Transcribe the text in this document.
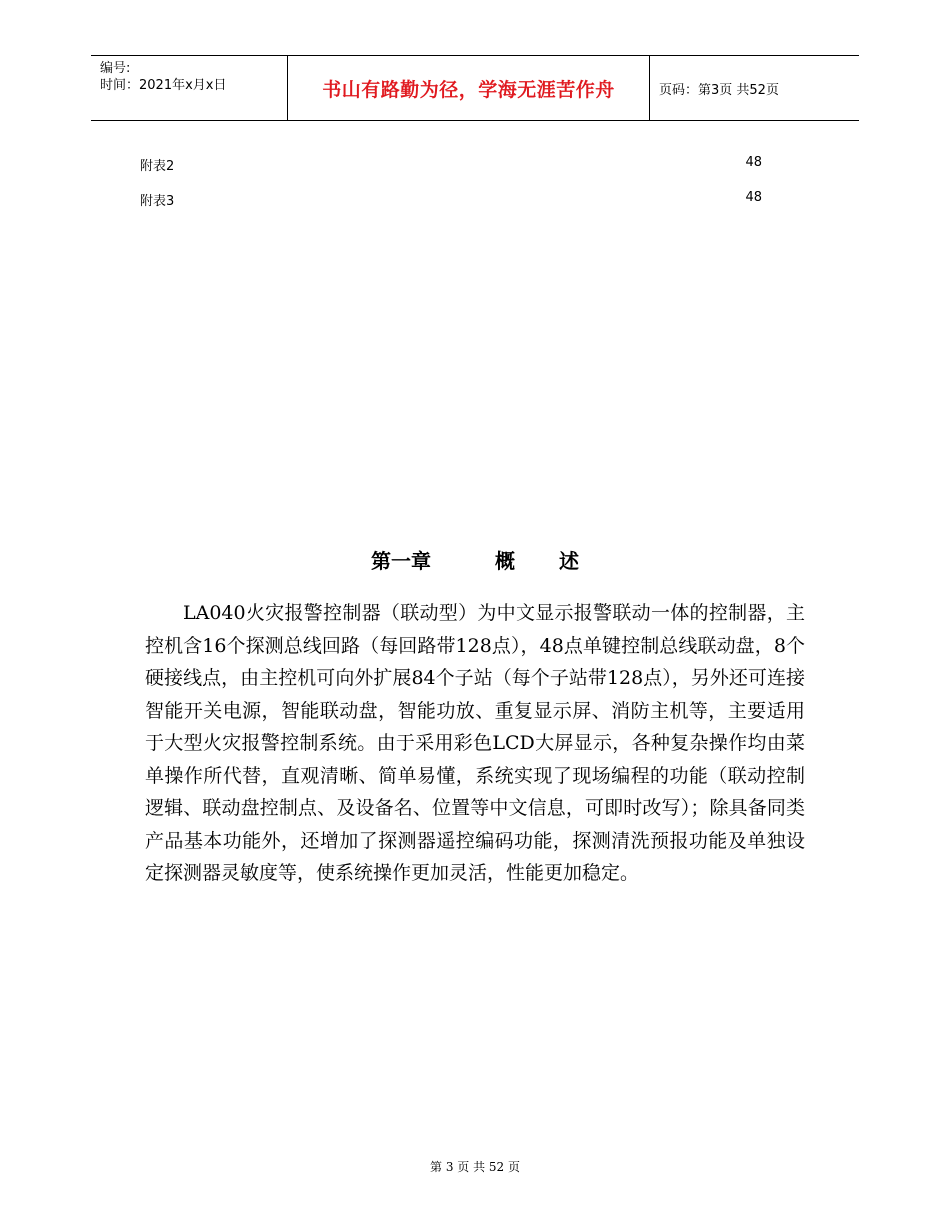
编号:
时间：2021年x月x日	书山有路勤为径，学海无涯苦作舟	页码：第3页 共52页
附表2	48
附表3	48
第一章	概 述

LA040火灾报警控制器（联动型）为中文显示报警联动一体的控制器，主控机含16个探测总线回路（每回路带128点），48点单键控制总线联动盘，8个硬接线点，由主控机可向外扩展84个子站（每个子站带128点），另外还可连接智能开关电源，智能联动盘，智能功放、重复显示屏、消防主机等，主要适用于大型火灾报警控制系统。由于采用彩色LCD大屏显示，各种复杂操作均由菜单操作所代替，直观清晰、简单易懂，系统实现了现场编程的功能（联动控制逻辑、联动盘控制点、及设备名、位置等中文信息，可即时改写）；除具备同类产品基本功能外，还增加了探测器遥控编码功能，探测清洗预报功能及单独设定探测器灵敏度等，使系统操作更加灵活，性能更加稳定。

第 3 页 共 52 页
